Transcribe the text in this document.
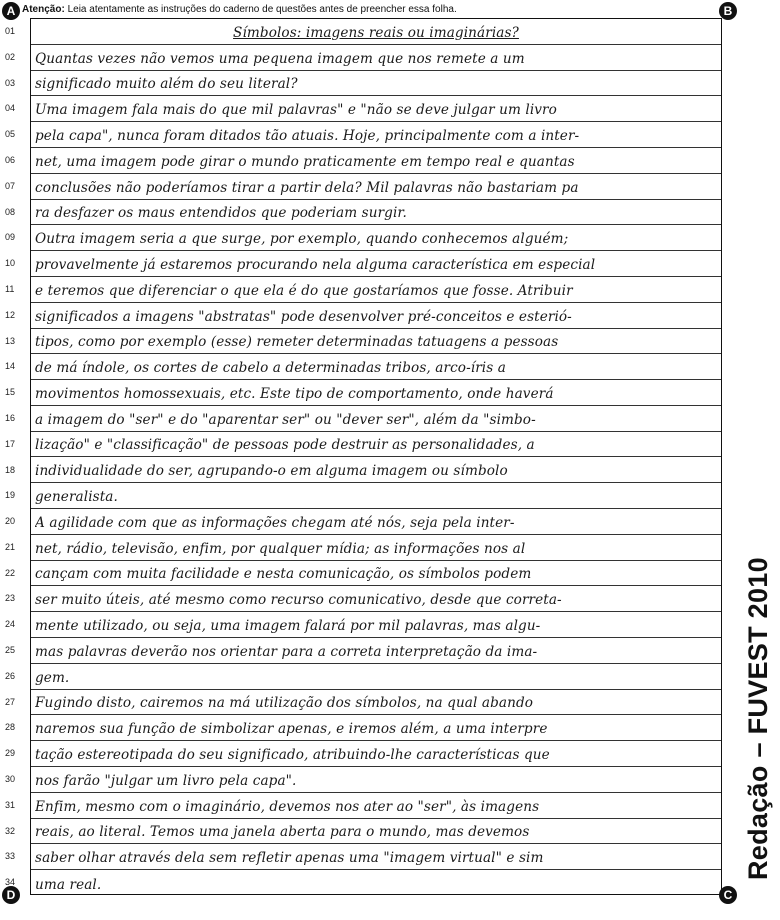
A	B
C
D
Atenção: Leia atentamente as instruções do caderno de questões antes de preencher essa folha.
01	Símbolos: imagens reais ou imaginárias?
02	Quantas vezes não vemos uma pequena imagem que nos remete a um
03	significado muito além do seu literal?
04	Uma imagem fala mais do que mil palavras" e "não se deve julgar um livro
05	pela capa", nunca foram ditados tão atuais. Hoje, principalmente com a inter-
06	net, uma imagem pode girar o mundo praticamente em tempo real e quantas
07	conclusões não poderíamos tirar a partir dela? Mil palavras não bastariam pa
08	ra desfazer os maus entendidos que poderiam surgir.
09	Outra imagem seria a que surge, por exemplo, quando conhecemos alguém;
10	provavelmente já estaremos procurando nela alguma característica em especial
11	e teremos que diferenciar o que ela é do que gostaríamos que fosse. Atribuir
12	significados a imagens "abstratas" pode desenvolver pré-conceitos e esterió-
13	tipos, como por exemplo (esse) remeter determinadas tatuagens a pessoas
14	de má índole, os cortes de cabelo a determinadas tribos, arco-íris a
15	movimentos homossexuais, etc. Este tipo de comportamento, onde haverá
16	a imagem do "ser" e do "aparentar ser" ou "dever ser", além da "simbo-
17	lização" e "classificação" de pessoas pode destruir as personalidades, a
18	individualidade do ser, agrupando-o em alguma imagem ou símbolo
19	generalista.
20	A agilidade com que as informações chegam até nós, seja pela inter-
21	net, rádio, televisão, enfim, por qualquer mídia; as informações nos al
22	cançam com muita facilidade e nesta comunicação, os símbolos podem
23	ser muito úteis, até mesmo como recurso comunicativo, desde que correta-
24	mente utilizado, ou seja, uma imagem falará por mil palavras, mas algu-
25	mas palavras deverão nos orientar para a correta interpretação da ima-
26	gem.
27	Fugindo disto, cairemos na má utilização dos símbolos, na qual abando
28	naremos sua função de simbolizar apenas, e iremos além, a uma interpre
29	tação estereotipada do seu significado, atribuindo-lhe características que
30	nos farão "julgar um livro pela capa".
31	Enfim, mesmo com o imaginário, devemos nos ater ao "ser", às imagens
32	reais, ao literal. Temos uma janela aberta para o mundo, mas devemos
33	saber olhar através dela sem refletir apenas uma "imagem virtual" e sim
34	uma real.
Redação – FUVEST 2010
